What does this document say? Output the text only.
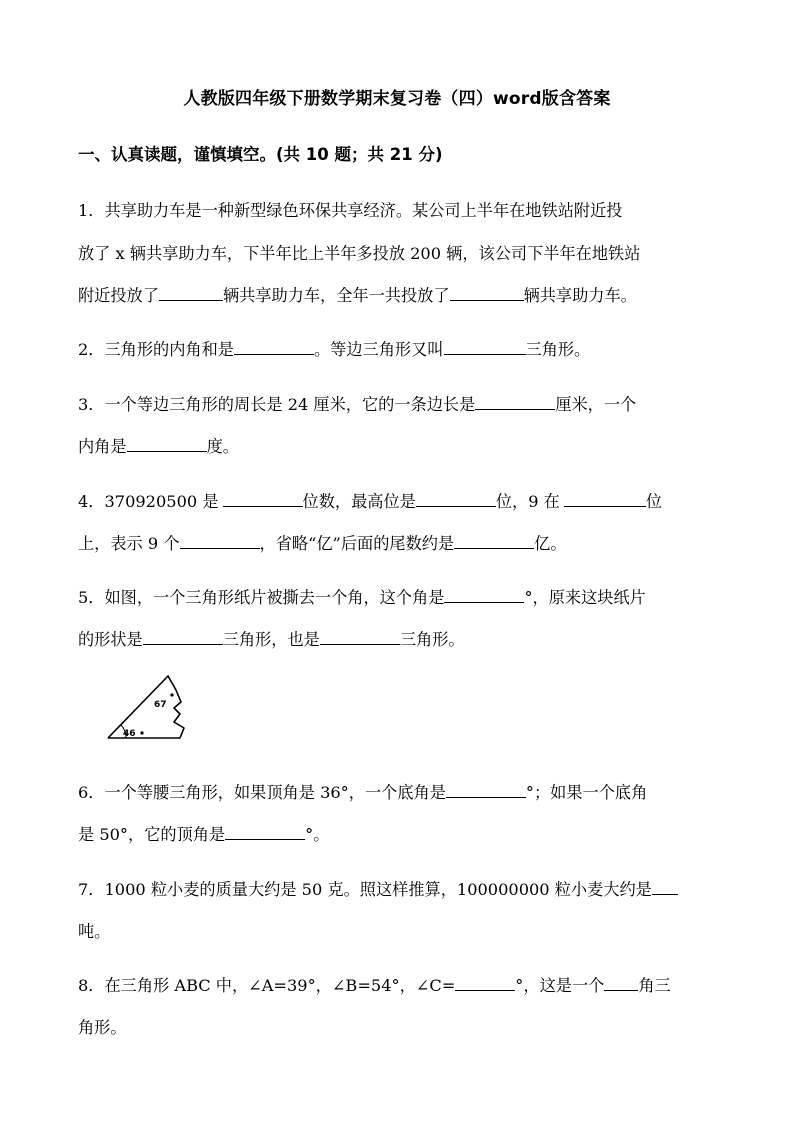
人教版四年级下册数学期末复习卷（四）word版含答案
一、认真读题，谨慎填空。(共 10 题；共 21 分)
1．共享助力车是一种新型绿色环保共享经济。某公司上半年在地铁站附近投
放了 x 辆共享助力车，下半年比上半年多投放 200 辆，该公司下半年在地铁站
附近投放了	辆共享助力车，全年一共投放了	辆共享助力车。
2．三角形的内角和是	。等边三角形又叫	三角形。
3．一个等边三角形的周长是 24 厘米，它的一条边长是	厘米，一个
内角是	度。
4．370920500 是	位数，最高位是	位，9 在	位
上，表示 9 个	，省略“亿”后面的尾数约是	亿。
5．如图，一个三角形纸片被撕去一个角，这个角是	°，原来这块纸片
的形状是	三角形，也是	三角形。
67
46
6．一个等腰三角形，如果顶角是 36°，一个底角是	°；如果一个底角
是 50°，它的顶角是	°。
7．1000 粒小麦的质量大约是 50 克。照这样推算，100000000 粒小麦大约是
吨。
8．在三角形 ABC 中，∠A=39°，∠B=54°，∠C=	°，这是一个 角三
角形。
